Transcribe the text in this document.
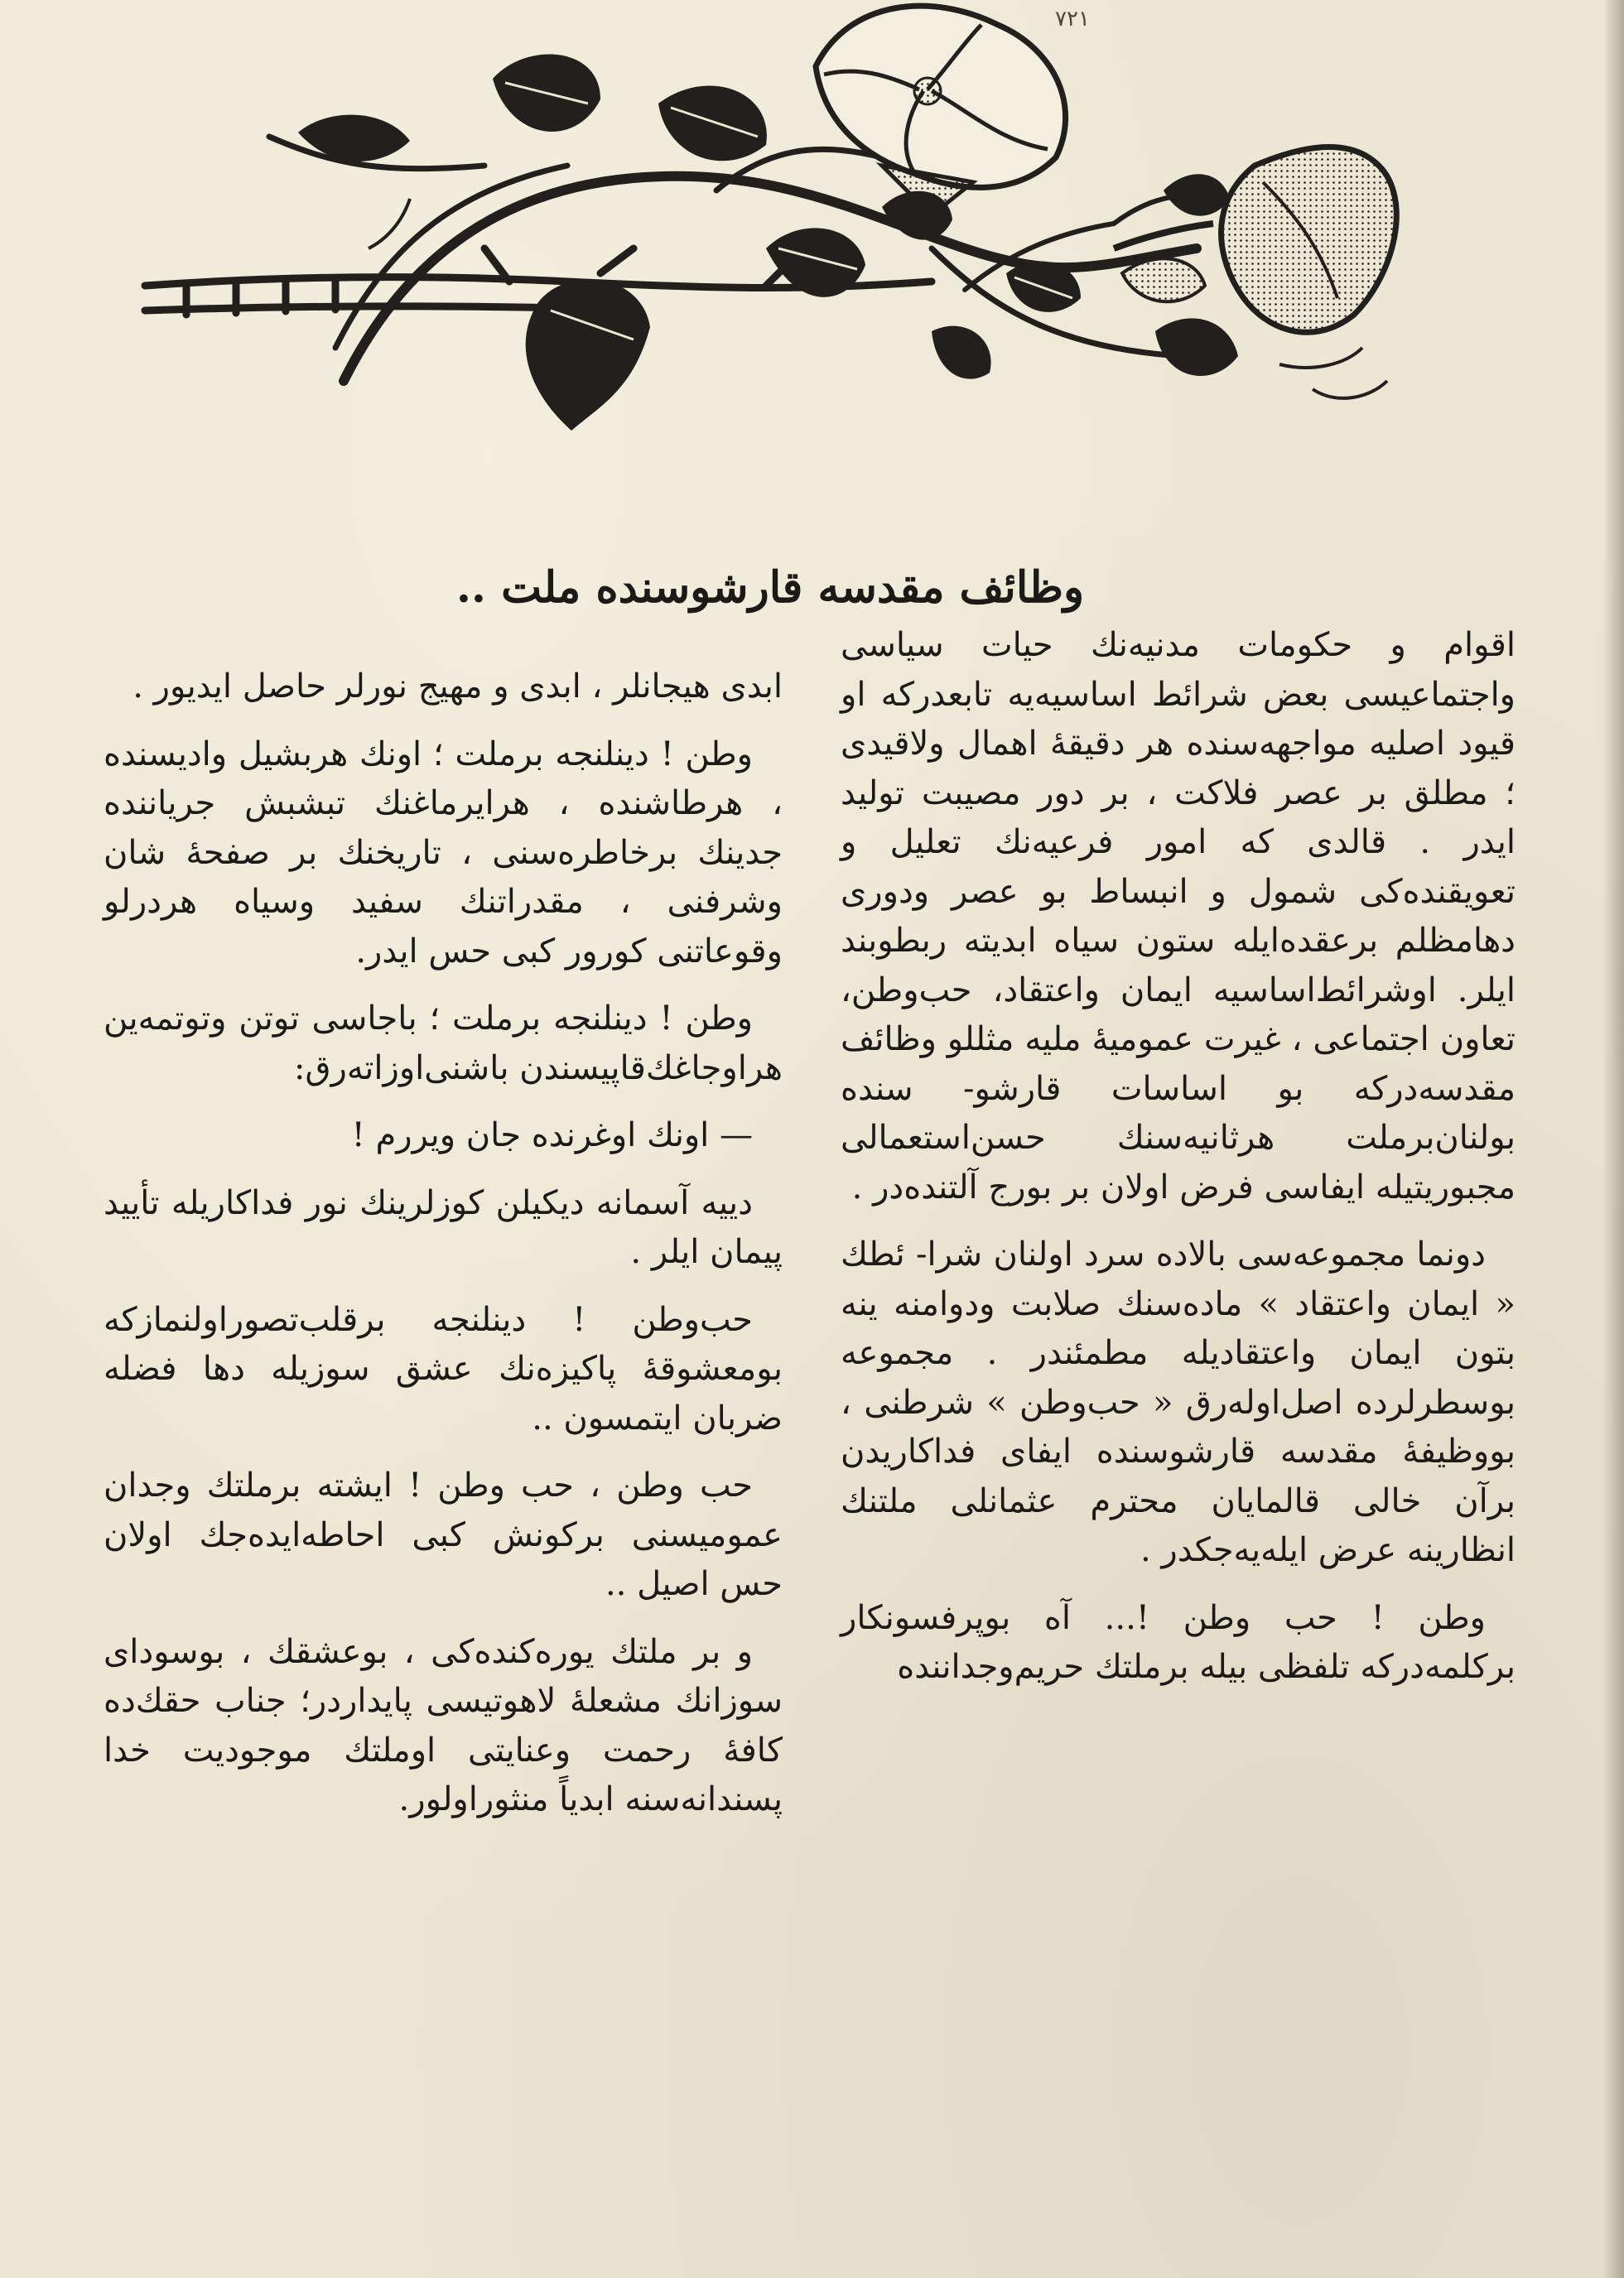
۷۲۱
وظائف مقدسه قارشوسنده ملت ..

اقوام و حکومات مدنیه‌نك حیات سیاسی واجتماعیسی بعض شرائط اساسیه‌یه تابعدرکه او قیود اصلیه مواجهه‌سنده هر دقیقهٔ اهمال ولاقیدی ؛ مطلق بر عصر فلاکت ، بر دور مصیبت تولید ایدر . قالدی که امور فرعیه‌نك تعلیل و تعویقنده‌کی شمول و انبساط بو عصر ودوری دهامظلم برعقده‌ایله ستون سیاه ابدیته ربطوبند ایلر. اوشرائط‌اساسیه ایمان واعتقاد، حب‌وطن، تعاون اجتماعی ، غیرت عمومیهٔ ملیه مثللو وظائف مقدسه‌درکه بو اساسات قارشو- سنده بولنان‌برملت هرثانیه‌سنك حسن‌استعمالی مجبوریتیله ایفاسی فرض اولان بر بورج آلتنده‌در .

دونما مجموعه‌سی بالاده سرد اولنان شرا- ئطك « ایمان واعتقاد » ماده‌سنك صلابت ودوامنه ینه بتون ایمان واعتقادیله مطمئندر . مجموعه بوسطرلرده اصل‌اوله‌رق « حب‌وطن » شرطنی ، بووظیفهٔ مقدسه قارشوسنده ایفای فداکاریدن برآن خالی قالمایان محترم عثمانلی ملتنك انظارینه عرض ایله‌یه‌جکدر .

وطن ! حب وطن !... آه بوپرفسونکار برکلمه‌درکه تلفظی بیله برملتك حریم‌وجداننده

ابدی هیجانلر ، ابدی و مهیج نورلر حاصل ایدیور .

وطن ! دینلنجه برملت ؛ اونك هربشیل وادیسنده ، هرطاشنده ، هرایرماغنك تبشبش جریاننده جدینك برخاطره‌سنی ، تاریخنك بر صفحهٔ شان وشرفنی ، مقدراتنك سفید وسیاه هردرلو وقوعاتنی کورور کبی حس ایدر.

وطن ! دینلنجه برملت ؛ باجاسی توتن وتوتمه‌ین هراوجاغك‌قاپیسندن باشنی‌اوزاته‌رق:

— اونك اوغرنده جان ویررم !

دییه آسمانه دیکیلن کوزلرینك نور فداکاریله تأیید پیمان ایلر .

حب‌وطن ! دینلنجه برقلب‌تصوراولنمازکه بومعشوقهٔ پاکیزه‌نك عشق سوزیله دها فضله ضربان ایتمسون ..

حب وطن ، حب وطن ! ایشته برملتك وجدان عمومیسنی برکونش کبی احاطه‌ایده‌جك اولان حس اصیل ..

و بر ملتك یوره‌کنده‌کی ، بوعشقك ، بوسودای سوزانك مشعلهٔ لاهوتیسی پایدار‌در؛ جناب حقك‌ده کافهٔ رحمت وعنایتی اوملتك موجودیت خدا پسندانه‌سنه ابدیاً منثوراولور.
